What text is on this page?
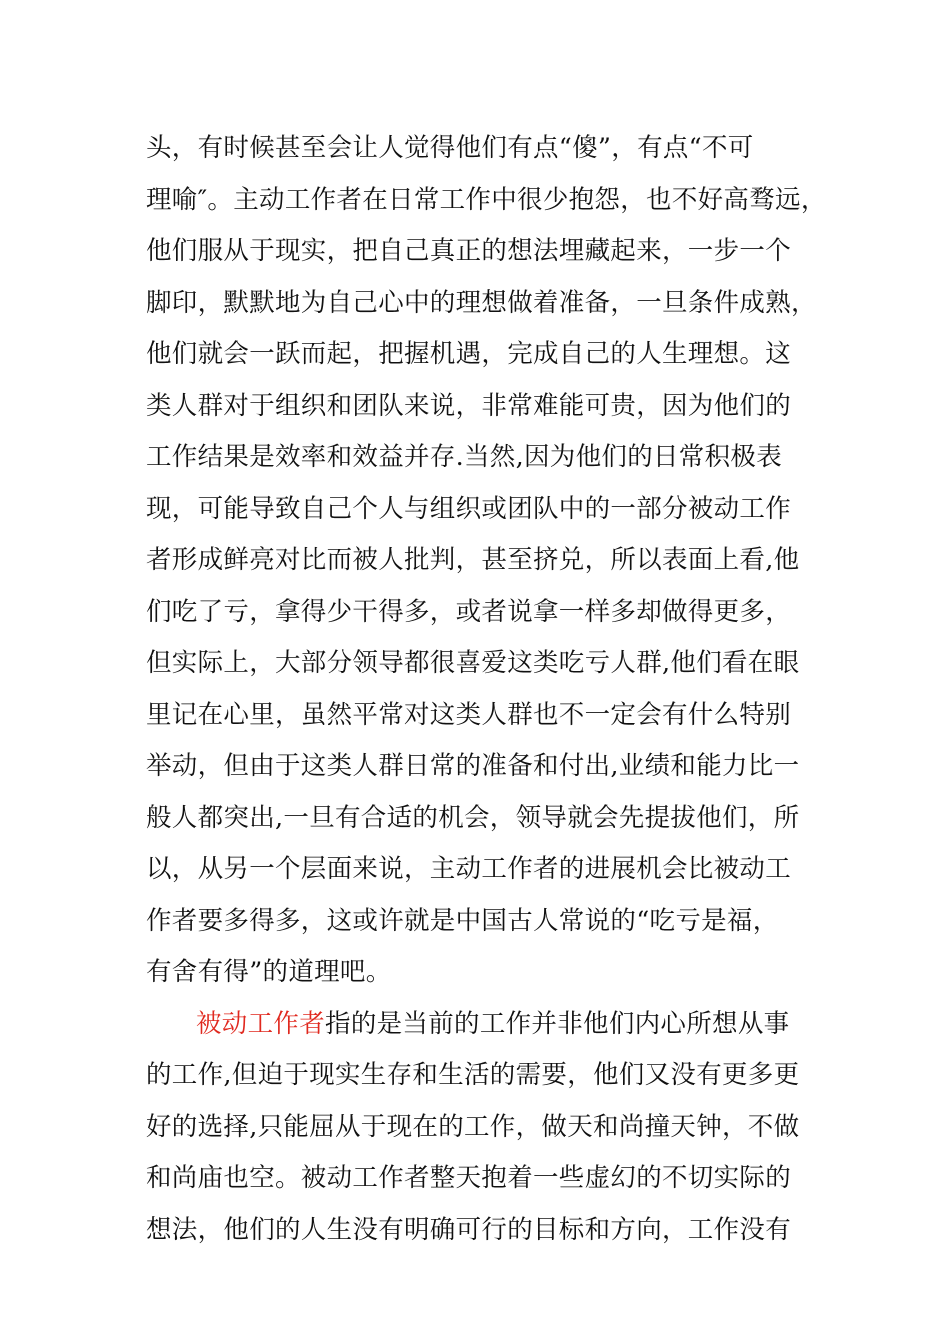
头，有时候甚至会让人觉得他们有点“傻”，有点“不可
理喻″。主动工作者在日常工作中很少抱怨，也不好高骛远，
他们服从于现实，把自己真正的想法埋藏起来，一步一个
脚印，默默地为自己心中的理想做着准备，一旦条件成熟，
他们就会一跃而起，把握机遇，完成自己的人生理想。这
类人群对于组织和团队来说，非常难能可贵，因为他们的
工作结果是效率和效益并存.当然,因为他们的日常积极表
现，可能导致自己个人与组织或团队中的一部分被动工作
者形成鲜亮对比而被人批判，甚至挤兑，所以表面上看,他
们吃了亏，拿得少干得多，或者说拿一样多却做得更多，
但实际上，大部分领导都很喜爱这类吃亏人群,他们看在眼
里记在心里，虽然平常对这类人群也不一定会有什么特别
举动，但由于这类人群日常的准备和付出,业绩和能力比一
般人都突出,一旦有合适的机会，领导就会先提拔他们，所
以，从另一个层面来说，主动工作者的进展机会比被动工
作者要多得多，这或许就是中国古人常说的“吃亏是福，
有舍有得”的道理吧。
被动工作者指的是当前的工作并非他们内心所想从事
的工作,但迫于现实生存和生活的需要，他们又没有更多更
好的选择,只能屈从于现在的工作，做天和尚撞天钟，不做
和尚庙也空。被动工作者整天抱着一些虚幻的不切实际的
想法，他们的人生没有明确可行的目标和方向，工作没有
